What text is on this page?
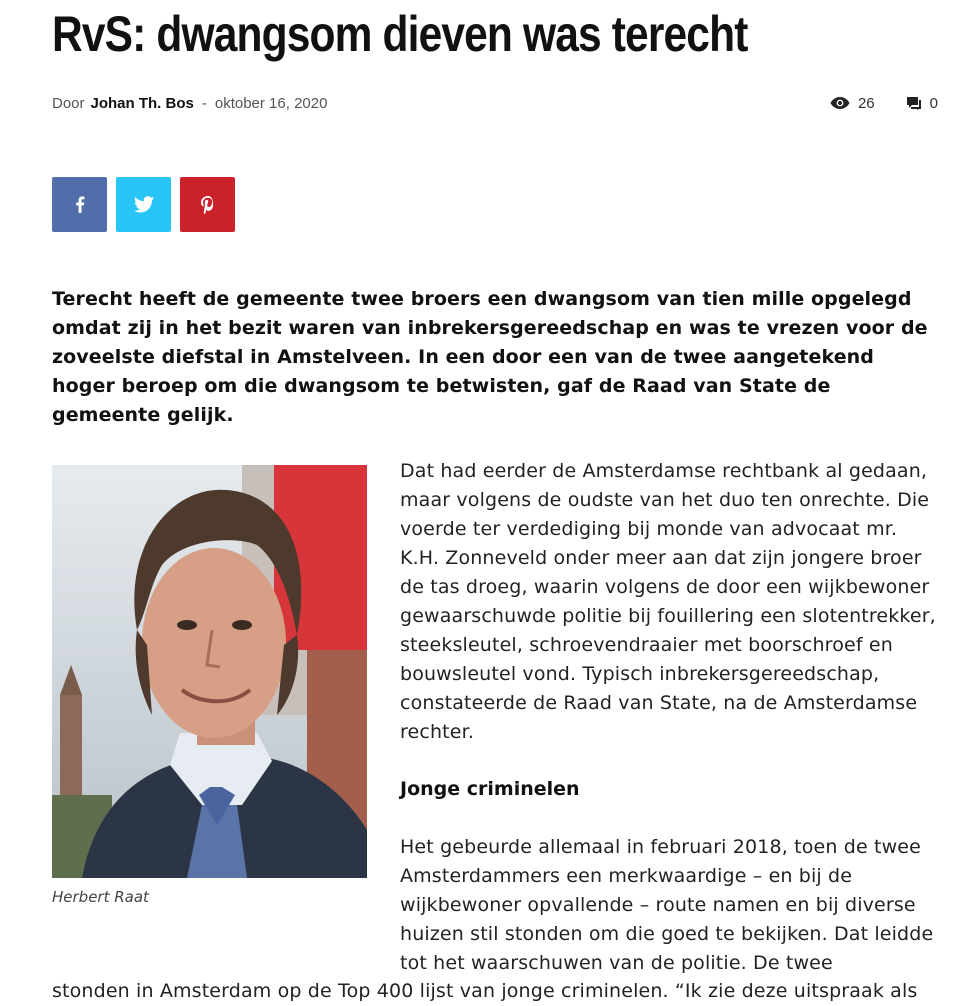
RvS: dwangsom dieven was terecht
Door Johan Th. Bos - oktober 16, 2020	26	0

Terecht heeft de gemeente twee broers een dwangsom van tien mille opgelegd omdat zij in het bezit waren van inbrekersgereedschap en was te vrezen voor de zoveelste diefstal in Amstelveen. In een door een van de twee aangetekend hoger beroep om die dwangsom te betwisten, gaf de Raad van State de gemeente gelijk.

Herbert Raat

Dat had eerder de Amsterdamse rechtbank al gedaan, maar volgens de oudste van het duo ten onrechte. Die voerde ter verdediging bij monde van advocaat mr. K.H. Zonneveld onder meer aan dat zijn jongere broer de tas droeg, waarin volgens de door een wijkbewoner gewaarschuwde politie bij fouillering een slotentrekker, steeksleutel, schroevendraaier met boorschroef en bouwsleutel vond. Typisch inbrekersgereedschap, constateerde de Raad van State, na de Amsterdamse rechter.

Jonge criminelen

Het gebeurde allemaal in februari 2018, toen de twee Amsterdammers een merkwaardige – en bij de wijkbewoner opvallende – route namen en bij diverse huizen stil stonden om die goed te bekijken. Dat leidde tot het waarschuwen van de politie. De twee

stonden in Amsterdam op de Top 400 lijst van jonge criminelen. “Ik zie deze uitspraak als
